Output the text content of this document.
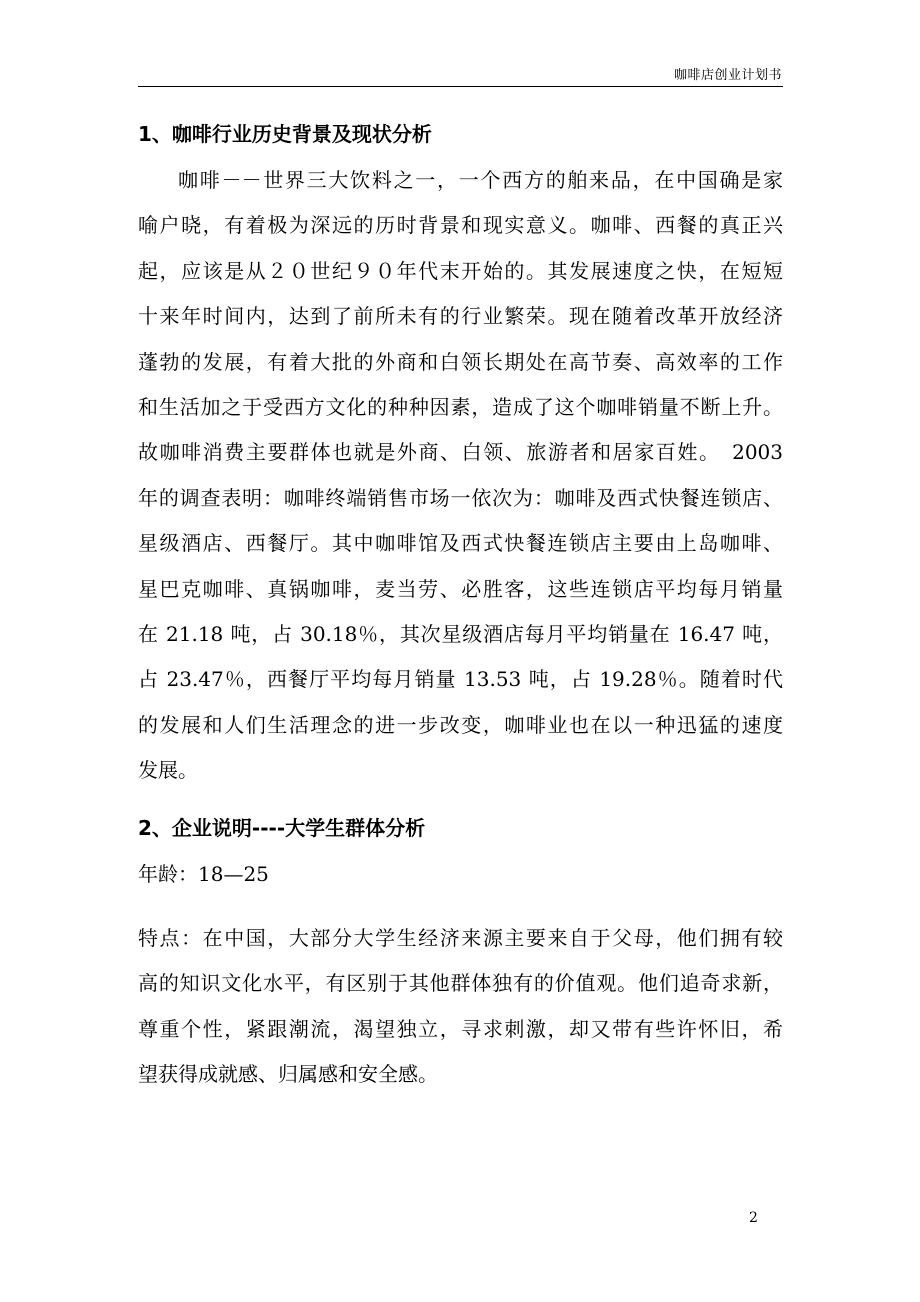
咖啡店创业计划书
1、咖啡行业历史背景及现状分析
咖啡－－世界三大饮料之一，一个西方的舶来品，在中国确是家
喻户晓，有着极为深远的历时背景和现实意义。咖啡、西餐的真正兴
起，应该是从２０世纪９０年代末开始的。其发展速度之快，在短短
十来年时间内，达到了前所未有的行业繁荣。现在随着改革开放经济
蓬勃的发展，有着大批的外商和白领长期处在高节奏、高效率的工作
和生活加之于受西方文化的种种因素，造成了这个咖啡销量不断上升。
故咖啡消费主要群体也就是外商、白领、旅游者和居家百姓。　2003
年的调查表明：咖啡终端销售市场一依次为：咖啡及西式快餐连锁店、
星级酒店、西餐厅。其中咖啡馆及西式快餐连锁店主要由上岛咖啡、
星巴克咖啡、真锅咖啡，麦当劳、必胜客，这些连锁店平均每月销量
在 21.18 吨，占 30.18％，其次星级酒店每月平均销量在 16.47 吨，
占 23.47％，西餐厅平均每月销量 13.53 吨，占 19.28％。随着时代
的发展和人们生活理念的进一步改变，咖啡业也在以一种迅猛的速度
发展。
2、企业说明----大学生群体分析
年龄：18—25
特点：在中国，大部分大学生经济来源主要来自于父母，他们拥有较
高的知识文化水平，有区别于其他群体独有的价值观。他们追奇求新，
尊重个性，紧跟潮流，渴望独立，寻求刺激，却又带有些许怀旧，希
望获得成就感、归属感和安全感。
2
